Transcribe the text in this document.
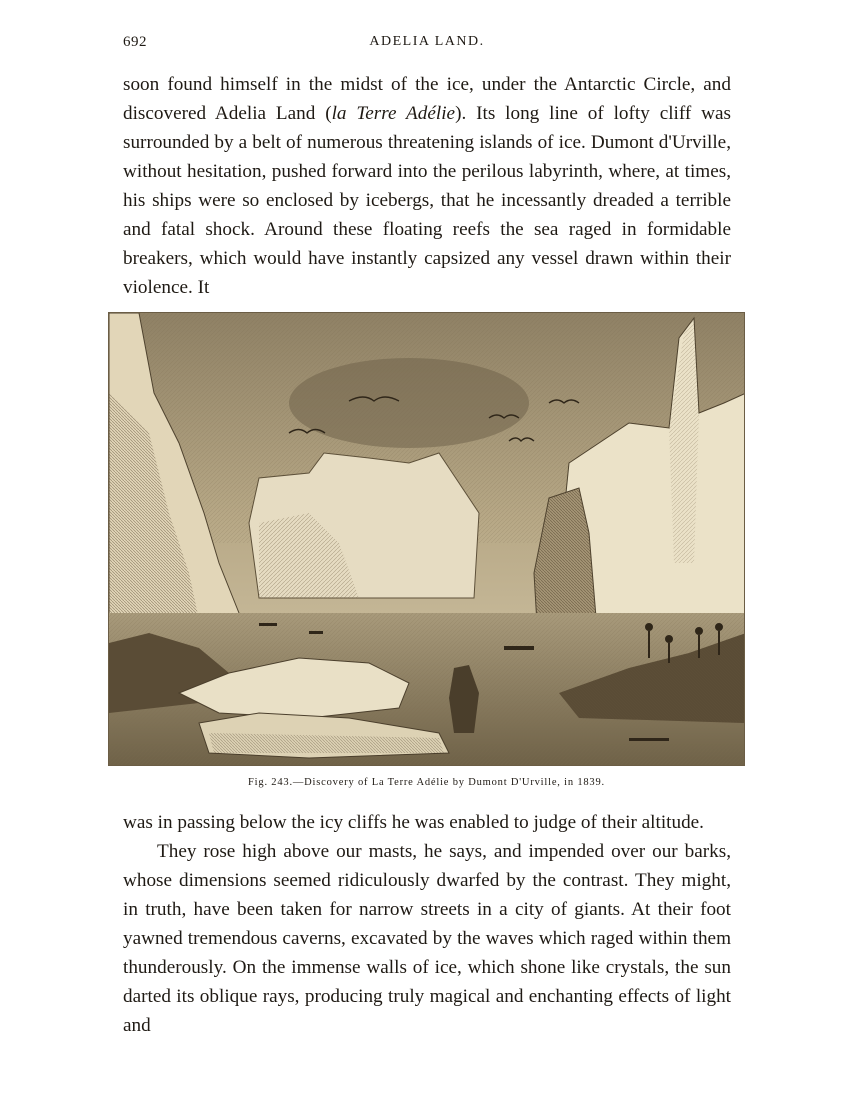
692	ADELIA LAND.

soon found himself in the midst of the ice, under the Antarctic Circle, and discovered Adelia Land (la Terre Adélie). Its long line of lofty cliff was surrounded by a belt of numerous threatening islands of ice. Dumont d'Urville, without hesitation, pushed forward into the perilous labyrinth, where, at times, his ships were so enclosed by icebergs, that he incessantly dreaded a terrible and fatal shock. Around these floating reefs the sea raged in formidable breakers, which would have instantly capsized any vessel drawn within their violence. It

Fig. 243.—Discovery of La Terre Adélie by Dumont D'Urville, in 1839.

was in passing below the icy cliffs he was enabled to judge of their altitude.

They rose high above our masts, he says, and impended over our barks, whose dimensions seemed ridiculously dwarfed by the contrast. They might, in truth, have been taken for narrow streets in a city of giants. At their foot yawned tremendous caverns, excavated by the waves which raged within them thunderously. On the immense walls of ice, which shone like crystals, the sun darted its oblique rays, producing truly magical and enchanting effects of light and
